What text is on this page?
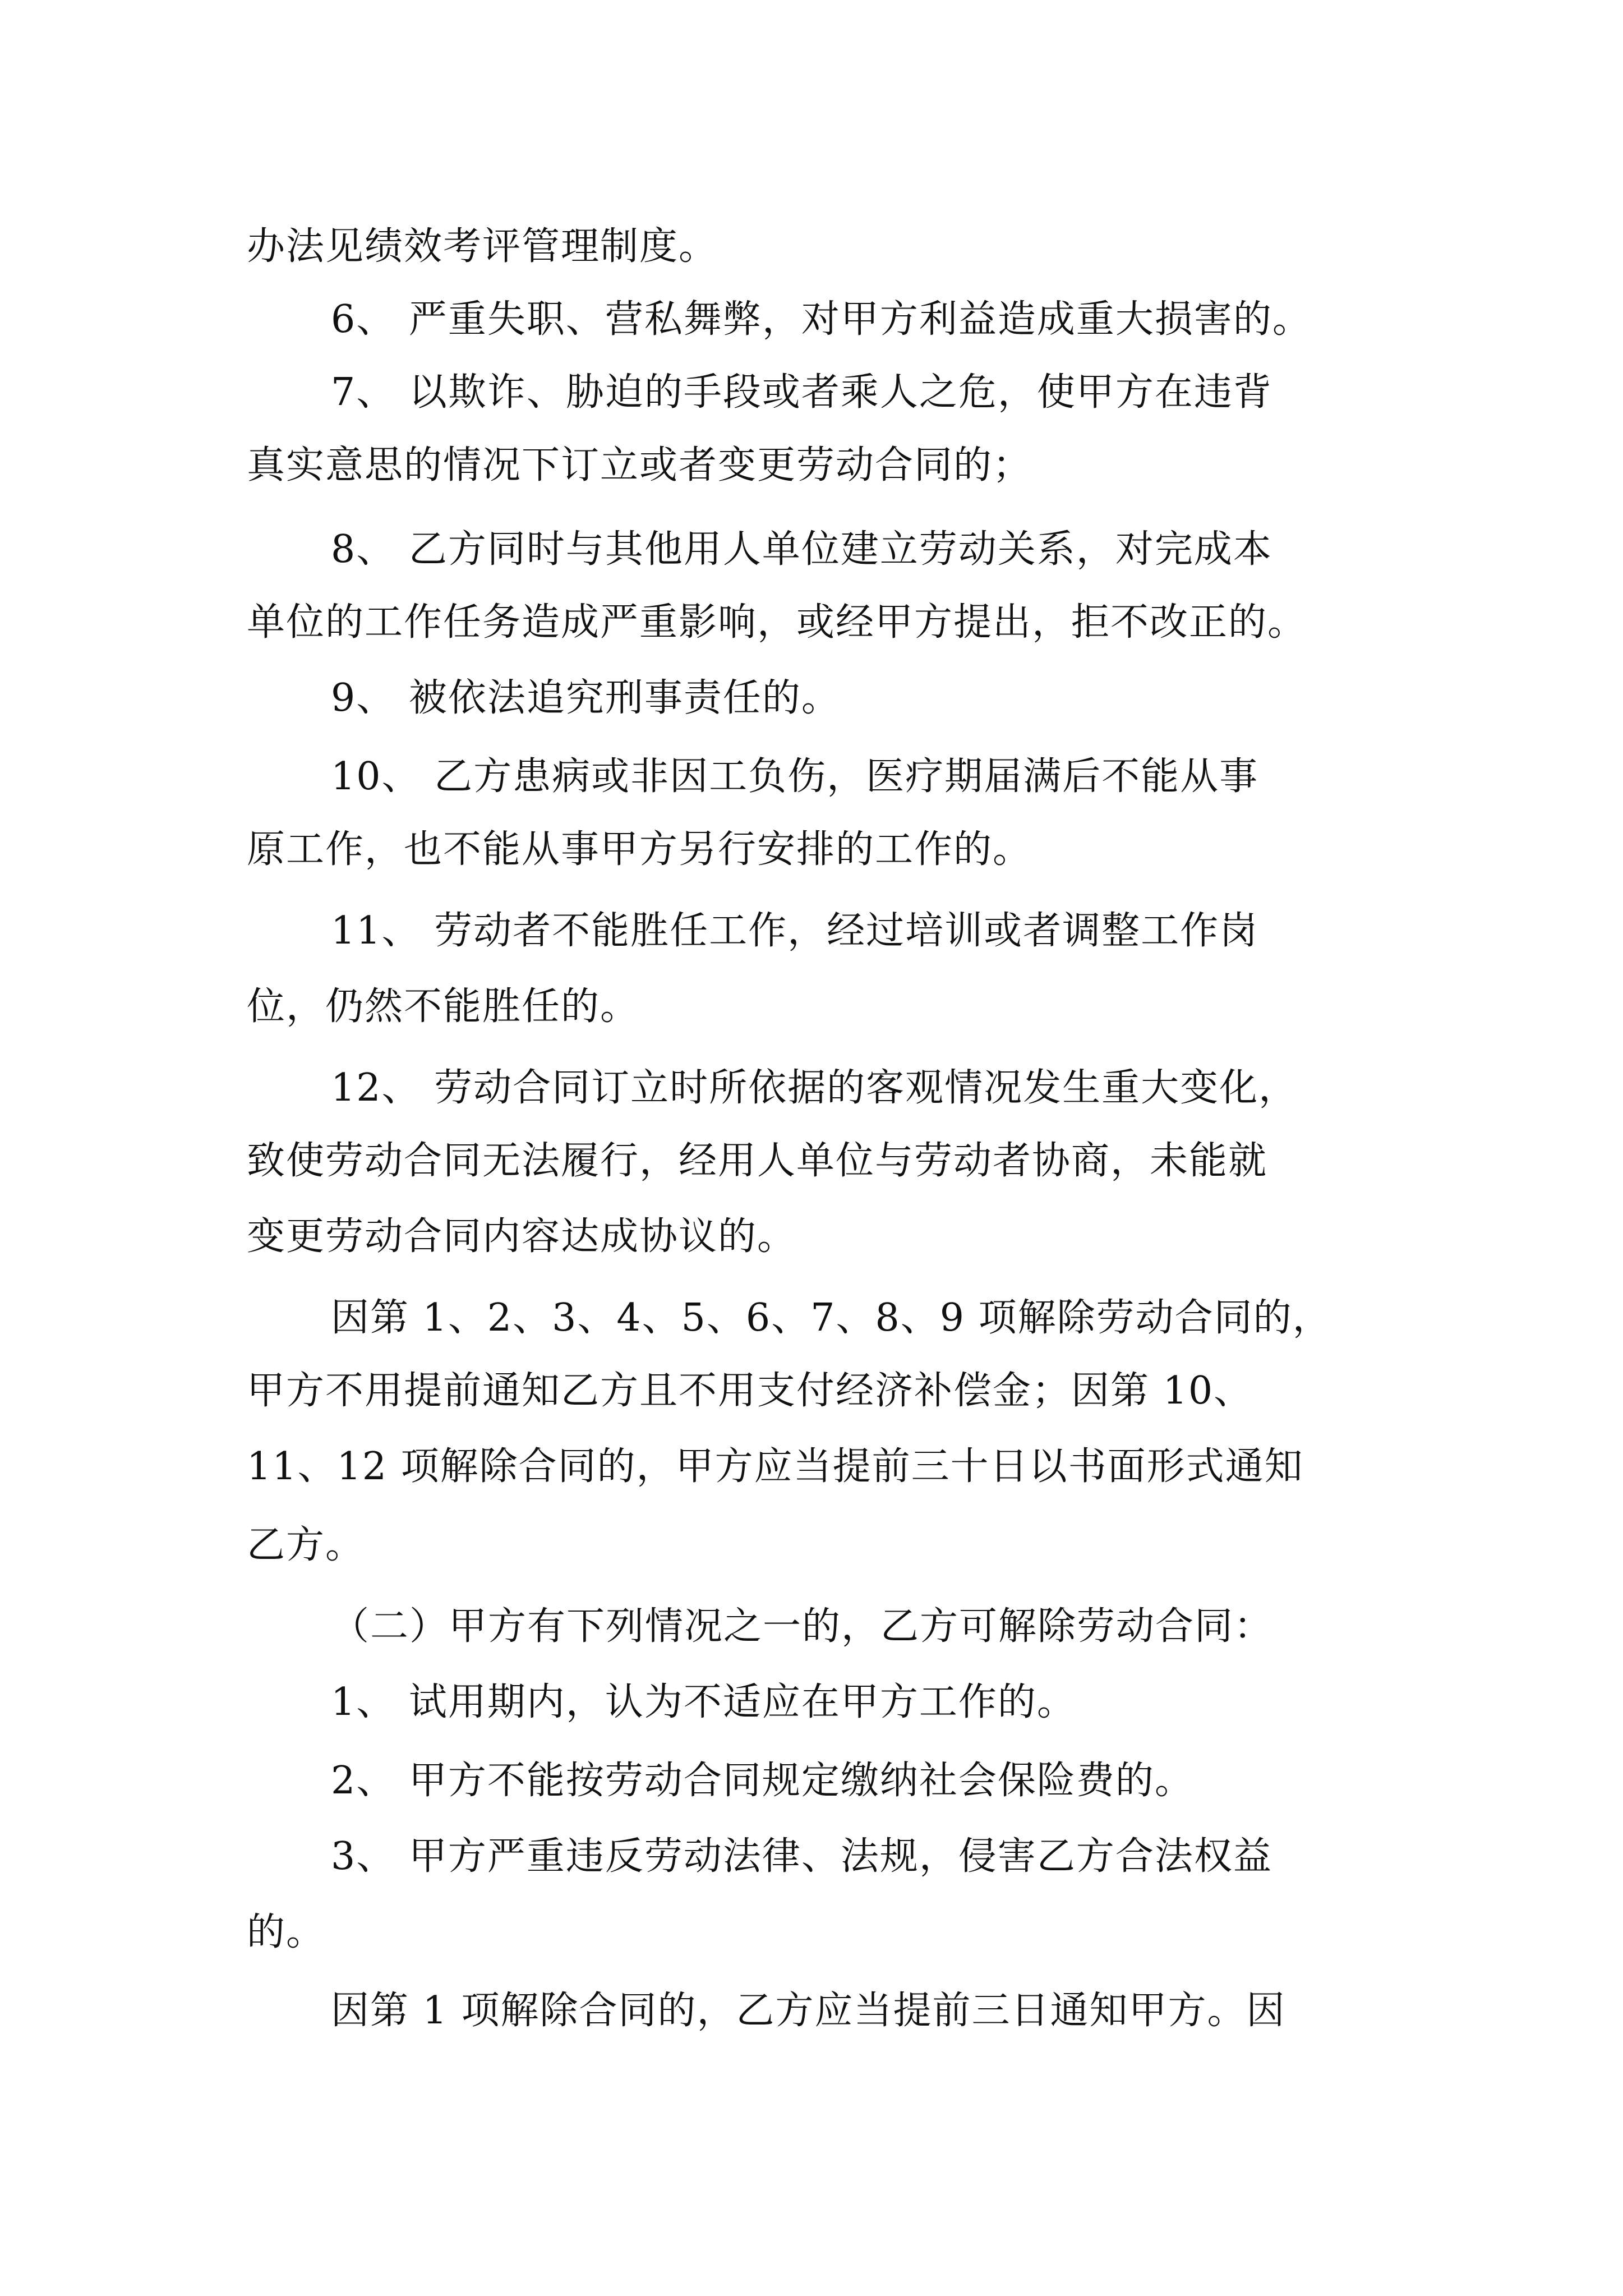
办法见绩效考评管理制度。
6、 严重失职、营私舞弊，对甲方利益造成重大损害的。
7、 以欺诈、胁迫的手段或者乘人之危，使甲方在违背
真实意思的情况下订立或者变更劳动合同的；
8、 乙方同时与其他用人单位建立劳动关系，对完成本
单位的工作任务造成严重影响，或经甲方提出，拒不改正的。
9、 被依法追究刑事责任的。
10、 乙方患病或非因工负伤，医疗期届满后不能从事
原工作，也不能从事甲方另行安排的工作的。
11、 劳动者不能胜任工作，经过培训或者调整工作岗
位，仍然不能胜任的。
12、 劳动合同订立时所依据的客观情况发生重大变化，
致使劳动合同无法履行，经用人单位与劳动者协商，未能就
变更劳动合同内容达成协议的。
因第 1、2、3、4、5、6、7、8、9 项解除劳动合同的，
甲方不用提前通知乙方且不用支付经济补偿金；因第 10、
11、12 项解除合同的，甲方应当提前三十日以书面形式通知
乙方。
（二）甲方有下列情况之一的，乙方可解除劳动合同：
1、 试用期内，认为不适应在甲方工作的。
2、 甲方不能按劳动合同规定缴纳社会保险费的。
3、 甲方严重违反劳动法律、法规，侵害乙方合法权益
的。
因第 1 项解除合同的，乙方应当提前三日通知甲方。因
